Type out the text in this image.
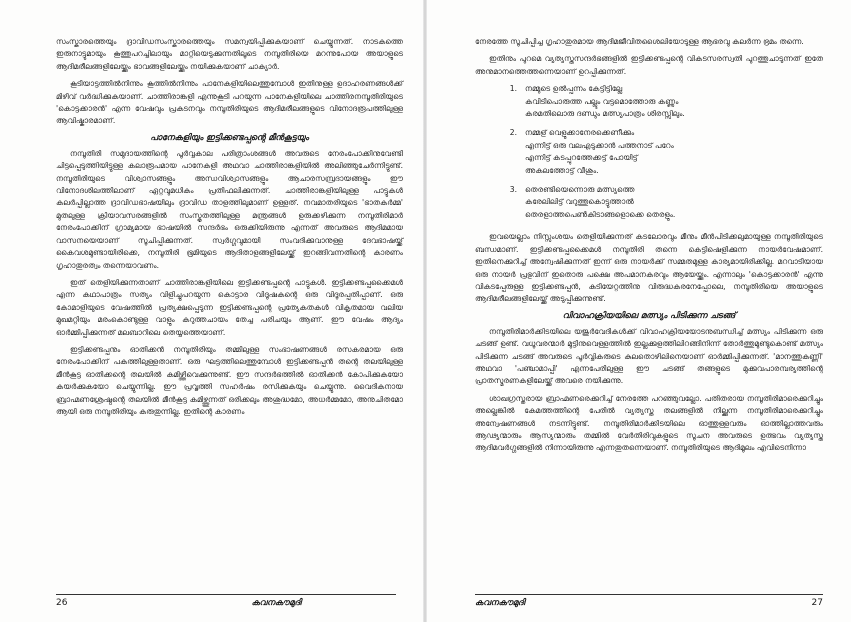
സംസ്കാരത്തെയും ദ്രാവിഡസംസ്കാരത്തെയും സമന്വയിപ്പിക്കുകയാണ് ചെയ്യുന്നത്. നാടകത്തെ ഇരുനാട്ടുമായും കൂത്തുപറച്ചിലായും മാറ്റിയെടുക്കുന്നതിലൂടെ നമ്പൂതിരിയെ മറന്നുപോയ അയാളുടെ ആദിമരീലങ്ങളിലേയ്ക്കും ഭാവങ്ങളിലേയ്ക്കും നയിക്കുകയാണ് ചാക്യാർ.

കൂടിയാട്ടത്തിൽനിന്നും കൂത്തിൽനിന്നും പാനേകളിയിലെത്തുമ്പോൾ ഇതിനുള്ള ഉദാഹരണങ്ങൾക്ക് മിഴിവ് വർദ്ധിക്കുകയാണ്. ചാത്തിരാങ്കളി എന്നുകൂടി പറയുന്ന പാനേകളിയിലെ ചാത്തിരനമ്പൂതിരിയുടെ 'കൊട്ടക്കാരൻ' എന്ന വേഷവും പ്രകടനവും നമ്പൂതിരിയുടെ ആദിമരീലങ്ങളുടെ വിനോദരൂപത്തിലുള്ള ആവിഷ്കാരമാണ്.

പാനേകളിയും ഇട്ടിക്കണ്ടപ്പന്റെ മീൻകൂട്ടയും

നമ്പൂതിരി സമുദായത്തിന്റെ പൂർവ്വകാല പരിത്രാംശങ്ങൾ അവരുടെ നേരംപോക്കിനുവേണ്ടി ചിട്ടപ്പെടുത്തിയിട്ടുള്ള കലാരൂപമായ പാനേകളി അഥവാ ചാത്തിരാങ്കളിയിൽ അലിഞ്ഞുചേർന്നിട്ടുണ്ട്. നമ്പൂതിരിയുടെ വിശ്വാസങ്ങളും അന്ധവിശ്വാസങ്ങളും ആചാരസമ്പ്രദായങ്ങളും ഈ വിനോദശിലത്തിലാണ് ഏറ്റവുമധികം പ്രതിഫലിക്കുന്നത്. ചാത്തിരാങ്കളിയിലുള്ള പാട്ടുകൾ കലർപ്പില്ലാത്ത ദ്രാവിഡഭാഷയിലും ദ്രാവിഡ താളത്തിലുമാണ് ഉള്ളത്. നവമാതരിയുടെ 'ഭാതകർമ്മ' മുതലുള്ള ക്രിയാവസരങ്ങളിൽ സംസ്കൃതത്തിലുള്ള മന്ത്രങ്ങൾ ഉരുക്കഴിക്കുന്ന നമ്പൂതിരിമാർ നേരംപോക്കിന് ഗ്രാമ്യമായ ഭാഷയിൽ സന്ദർഭം ഒരുക്കിയിരുന്നു എന്നത് അവരുടെ ആദിമമായ വാസനയെയാണ് സൂചിപ്പിക്കുന്നത്. സ്വർഗ്ഗവുമായി സംവദിക്കുവാനുള്ള ദേവഭാഷയ്ക്ക് കൈവശമുണ്ടായിരിക്കെ, നമ്പൂതിരി ഭൂമിയുടെ ആദിതാളങ്ങളിലേയ്ക്ക് ഇറങ്ങിവന്നതിന്റെ കാരണം ഗൃഹാതുരത്വം തന്നെയാവണം.

ഇത് തെളിയിക്കുന്നതാണ് ചാത്തിരാങ്കളിയിലെ ഇട്ടിക്കണ്ടപ്പന്റെ പാട്ടുകൾ. ഇട്ടിക്കണ്ടപ്പക്കൈമൾ എന്ന കഥാപാത്രം സത്യം വിളിച്ചുപറയുന്ന കൊട്ടാര വിദൂഷകന്റെ ഒരു വിദൂരപ്പതിപ്പാണ്. ഒരു കോമാളിയുടെ വേഷത്തിൽ പ്രത്യക്ഷപ്പെടുന്ന ഇട്ടിക്കണ്ടപ്പന്റെ പ്രത്യേകതകൾ വികൃതമായ വലിയ മുഖമറ്റിയും മരംകൊണ്ടുള്ള വാളും കറുത്തചായം തേച്ച പരിചയും ആണ്. ഈ വേഷം ആദ്യം ഓർമ്മിപ്പിക്കുന്നത് മലബാറിലെ തെയ്യത്തെയാണ്.

ഇട്ടിക്കണ്ടപ്പനും ഓതിക്കൻ നമ്പൂതിരിയും തമ്മിലുള്ള സംഭാഷണങ്ങൾ രസകരമായ ഒരു നേരംപോക്കിന് പകത്തിലുള്ളതാണ്. ഒരു ഘട്ടത്തിലെത്തുമ്പോൾ ഇട്ടിക്കണ്ടപ്പൻ തന്റെ തലയിലുള്ള മീൻകൂട്ട ഓതിക്കന്റെ തലയിൽ കമിഴ്ത്തിവെക്കുന്നുണ്ട്. ഈ സന്ദർഭത്തിൽ ഓതിക്കൻ കോപിക്കുകയോ കയർക്കുകയോ ചെയ്യുന്നില്ല. ഈ പ്രവൃത്തി സഹർഷം രസിക്കുകയും ചെയ്യുന്നു. വൈദികനായ ബ്രാഹ്മണശ്രേഷ്ഠന്റെ തലയിൽ മീൻകൂട്ട കമിഴ്ത്തുന്നത് ഒരിക്കലും അശുദ്ധമോ, അധർമ്മമോ, അനുചിതമോ ആയി ഒരു നമ്പൂതിരിയും കരുതുന്നില്ല. ഇതിന്റെ കാരണം

26	കവനകൗമുദി

നേരത്തേ സൂചിപ്പിച്ച ഗൃഹാതുരമായ ആദിമജീവിതശൈലിയോടുള്ള ആഭരവു കലർന്ന ഭ്രമം തന്നെ.

ഇതിനും പുറമെ വ്യത്യസ്തസന്ദർഭങ്ങളിൽ ഇട്ടിക്കണ്ടപ്പന്റെ വികടസരസ്വതി പുറത്തുചാടുന്നത് ഇതേ അനുമാനത്തെത്തന്നെയാണ് ഉറപ്പിക്കുന്നത്.

1.	നമ്മുടെ ഉൽപ്പന്നം കേട്ടിട്ടില്ലേ
കവിടിപൊരുത്ത പല്ലും വട്ടമൊത്തോരു കണ്ണും
കരമതിലൊരു ദണ്ഡും മത്സ്യപാത്രം ശിരസ്സിലും.
2.	നമ്മള് വെളുക്കാനേരക്കെണീക്കും
എന്നിട്ട് ഒരു വലഎടുക്കാൻ പത്തനാട് പറേം
എന്നിട്ട് കടപ്പുറത്തേക്കട്ട് പോയിട്ട്
അകലത്തോട്ട് വീശും.
3.	തെരണ്ടിയെന്നൊരു മത്സ്യത്തെ
കരേലിലിട്ട് വറുത്തുകൊട്ടുത്താൽ
തെരളാത്തപെൺകിടാങ്ങളൊക്കെ തെരളും.

ഇവയെല്ലാം നിസ്സംശയം തെളിയിക്കുന്നത് കടലോരവും മീനും മീൻപിടിക്കലുമായുള്ള നമ്പൂതിരിയുടെ ബന്ധമാണ്. ഇട്ടിക്കണ്ടപ്പക്കൈമൾ നമ്പൂതിരി തന്നെ കെട്ടിഷെളിക്കുന്ന നായർവേഷമാണ്. ഇതിനെക്കുറിച്ച് അന്വേഷിക്കുന്നത് ഇന്ന് ഒരു നായർക്ക് സമ്മതമുള്ള കാര്യമായിരിക്കില്ല. മറവാടിയായ ഒരു നായർ പ്രഭുവിന് ഇതൊരു പക്ഷെ അപമാനകരവും ആയേയ്ക്കും. എന്നാലും 'കൊട്ടക്കാരൻ' എന്നു വികടപ്പേരുള്ള ഇട്ടിക്കണ്ടപ്പൻ, കുടിയേറ്റത്തിനു വിരുദ്ധകരനേപ്പോലെ, നമ്പൂതിരിയെ അയാളുടെ ആദിമരീലങ്ങളിലേയ്ക്ക് അടുപ്പിക്കുന്നുണ്ട്.

വിവാഹക്രിയയിലെ മത്സ്യം പിടിക്കുന്ന ചടങ്ങ്

നമ്പൂതിരിമാർക്കിടയിലെ യജുർവേദികൾക്ക് വിവാഹക്രിയയോടനുബന്ധിച്ച് മത്സ്യം പിടിക്കുന്ന ഒരു ചടങ്ങ് ഉണ്ട്. വധൂവരന്മാർ മുട്ടിനുവെള്ളത്തിൽ ഇല്ലക്കുളത്തിലിറങ്ങിനിന്ന് തോർത്തുമുണ്ടുകൊണ്ട് മത്സ്യം പിടിക്കുന്ന ചടങ്ങ് അവരുടെ പൂർവ്വികരുടെ കുലതൊഴിലിനെയാണ് ഓർമ്മിപ്പിക്കുന്നത്. 'മാനത്തുകണ്ണി' അഥവാ 'പഞ്ചാമാപ്പി' എന്നപേരിലുള്ള ഈ ചടങ്ങ് തങ്ങളുടെ മുക്കുവപാരമ്പര്യത്തിന്റെ പ്രാതസ്മരണകളിലേയ്ക്ക് അവരെ നയിക്കുന്നു.

ശാഖഗ്രസ്തരായ ബ്രാഹ്മണരെക്കുറിച്ച് നേരത്തേ പറഞ്ഞുവല്ലോ. പതിതരായ നമ്പൂതിരിമാരെക്കുറിച്ചും അല്ലെങ്കിൽ കേമത്തത്തിന്റെ പേരിൽ വ്യത്യസ്ത തലങ്ങളിൽ നില്ക്കുന്ന നമ്പൂതിരിമാരെക്കുറിച്ചും അന്വേഷണങ്ങൾ നടന്നിട്ടുണ്ട്. നമ്പൂതിരിമാർക്കിടയിലെ ഓത്തുള്ളവരും ഓത്തില്ലാത്തവരും ആഢ്യന്മാരും ആസ്യന്മാരും തമ്മിൽ വേർതിരിവുകളുടെ സൂചന അവരുടെ ഉത്ഭവം വ്യത്യസ്ത ആദിമവർഗ്ഗങ്ങളിൽ നിന്നായിരുന്നു എന്നതുതന്നെയാണ്. നമ്പൂതിരിയുടെ ആദിമൂലം എവിടെനിന്നാ

കവനകൗമുദി	27
